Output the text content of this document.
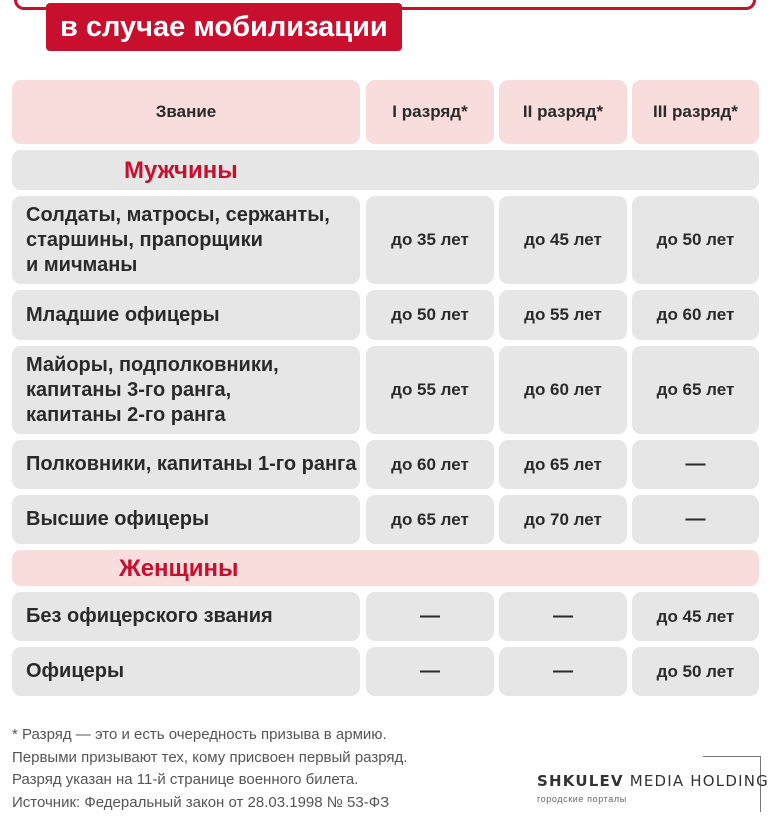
в случае мобилизации
Звание	I разряд*	II разряд*	III разряд*
Мужчины
Солдаты, матросы, сержанты,
старшины, прапорщики
и мичманы
до 35 лет	до 45 лет	до 50 лет
Младшие офицеры	до 50 лет	до 55 лет	до 60 лет
Майоры, подполковники,
капитаны 3-го ранга,
капитаны 2-го ранга
до 55 лет	до 60 лет	до 65 лет
Полковники, капитаны 1-го ранга	до 60 лет	до 65 лет	—
Высшие офицеры	до 65 лет	до 70 лет	—
Женщины
Без офицерского звания	—	—	до 45 лет
Офицеры	—	—	до 50 лет
* Разряд — это и есть очередность призыва в армию.
Первыми призывают тех, кому присвоен первый разряд.
Разряд указан на 11-й странице военного билета.
Источник: Федеральный закон от 28.03.1998 № 53-ФЗ
SHKULEV MEDIA HOLDING
городские порталы
